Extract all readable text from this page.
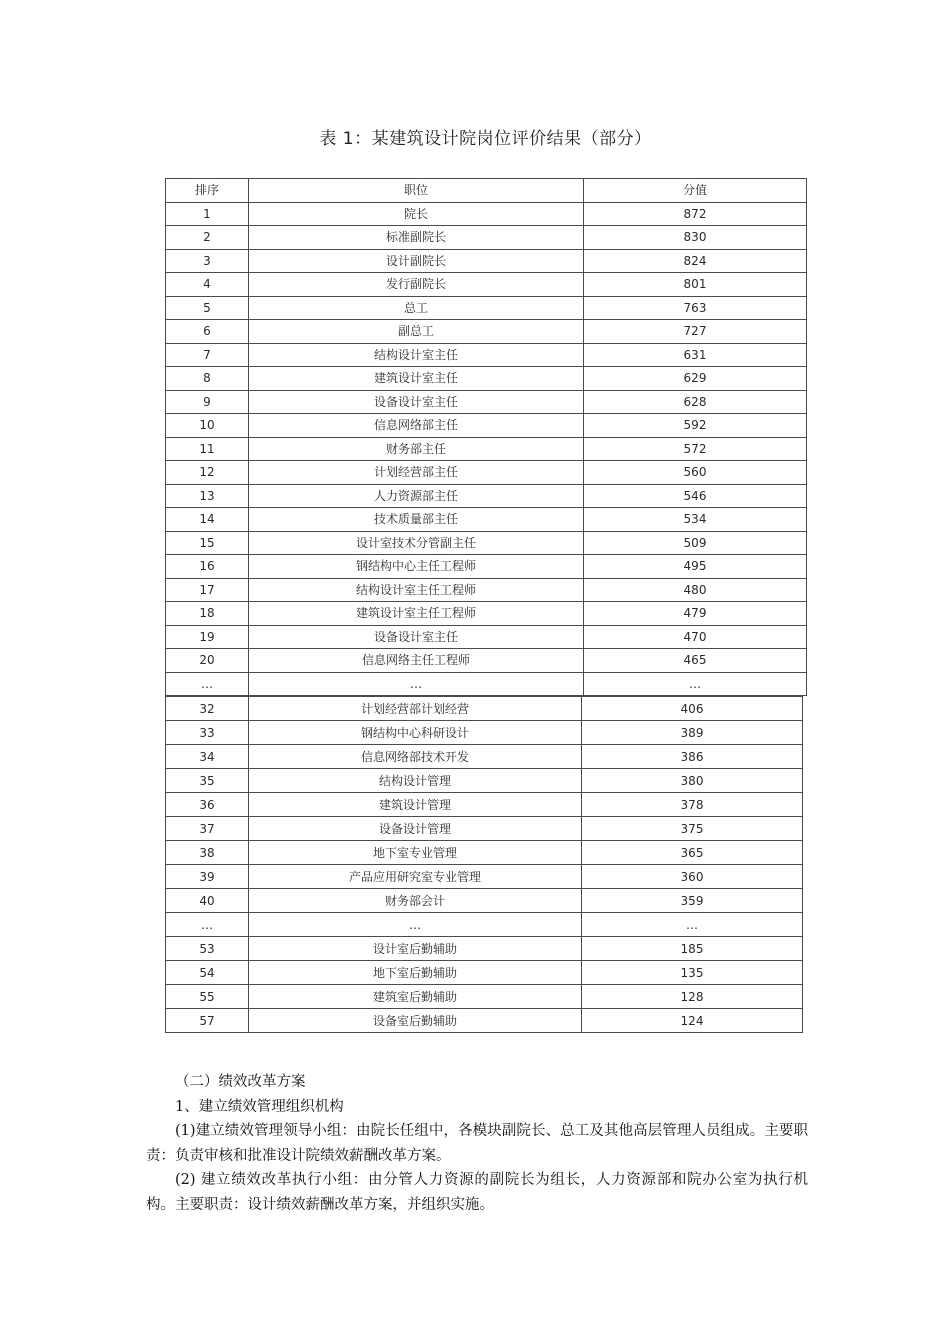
表 1：某建筑设计院岗位评价结果（部分）
排序	职位	分值
1	院长	872
2	标准副院长	830
3	设计副院长	824
4	发行副院长	801
5	总工	763
6	副总工	727
7	结构设计室主任	631
8	建筑设计室主任	629
9	设备设计室主任	628
10	信息网络部主任	592
11	财务部主任	572
12	计划经营部主任	560
13	人力资源部主任	546
14	技术质量部主任	534
15	设计室技术分管副主任	509
16	钢结构中心主任工程师	495
17	结构设计室主任工程师	480
18	建筑设计室主任工程师	479
19	设备设计室主任	470
20	信息网络主任工程师	465
…	…	…
32	计划经营部计划经营	406
33	钢结构中心科研设计	389
34	信息网络部技术开发	386
35	结构设计管理	380
36	建筑设计管理	378
37	设备设计管理	375
38	地下室专业管理	365
39	产品应用研究室专业管理	360
40	财务部会计	359
…	…	…
53	设计室后勤辅助	185
54	地下室后勤辅助	135
55	建筑室后勤辅助	128
57	设备室后勤辅助	124

（二）绩效改革方案

1、建立绩效管理组织机构

(1)建立绩效管理领导小组：由院长任组中，各模块副院长、总工及其他高层管理人员组成。主要职责：负责审核和批准设计院绩效薪酬改革方案。

(2) 建立绩效改革执行小组：由分管人力资源的副院长为组长，人力资源部和院办公室为执行机构。主要职责：设计绩效薪酬改革方案，并组织实施。
